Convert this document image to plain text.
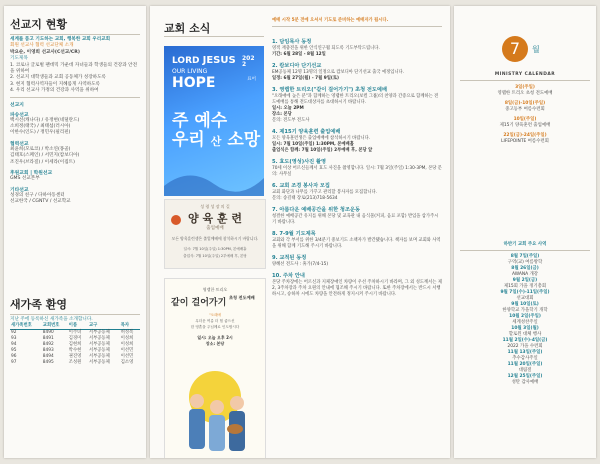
선교지 현황
세계를 품고 기도하는 교회, 행복한 교회 우리교회
회원 선교사 협력 선교단체 소개
박요순, 이영희 선교사(C선교/CR)
기도제목
1. 코로나 글로벌 팬데믹 가운데 자녀들과 학생들의 건강과 안전을 위하여
2. 선교지 대학생들과 교회 공동체가 성장하도록
3. 현지 협력사역자들이 지혜롭게 사역하도록
4. 우리 선교사 가정의 건강과 사역을 위하여
선교지
파송선교
백시선(캐나다) / 유정현(네덜란드)
소희정(태국) / 최태섭(러시아)
이한수(인도) / 정민우(필리핀)
협력선교
최윤희(모로코) / 박소연(몽골)
김태호(스페인) / 서민지(캄보디아)
조진우(브라질) / 이세라(이집트)
후원교회 | 학원선교
GMS 선교본부
기타선교
성경의 친구 / 다하아동센터
선교한국 / CGNTV / 선교학교
새가족 환영
지난 주에 등록하신 새가족을 소개합니다.
새가족번호	교회번호	이름	교구	목자
92	8490	이주녀	서부공동체	허성복
93	8491	김경미	서부공동체	이성희
94	8492	김현희	서부공동체	이성희
95	8493	박수현	서부공동체	이선민
96	8494	권진영	서부공동체	이선민
97	8495	조성원	서부공동체	김소영
교회 소식
LORD JESUS
OUR LIVING
HOPE
2022
표어
주 예수
우리 산 소망
성 령 성 장 의 길
양 육 훈 련
출업예배
모든 양육훈련생은 졸업예배에 참석하시기 바랍니다.
일시: 7월 10일(주일) 1:30PM, 본예배홀
출업식: 7월 10일(주일) 2부예배 후, 본당
영랩한 트리오
같이 걸어가기
초청 전도예배
"오래애
무더운 여름 더 힘 좋으신
한 영혼을 주님께로 인도합시다
일시: 오늘 오후 2시
장소: 본당
예배 시작 5분 전에 오셔서 기도로 준비하는 예배자가 됩시다.
1. 담임목사 동정
영적 재충전을 위한 안식연구월 되도록 기도부탁드립니다.
기간: 6월 28일 - 8월 12일
2. 캄보디아 단기선교
EM공동체 12명 13명의 일정으로 캄보디아 단기선교 출국 예정입니다.
일정: 6월 27일(월) - 7월 9일(토)
3. 영랩한 트리오("같이 걸어가기") 초청 전도예배
"오래애에 높은 분"과 함께하는 영랩한 트리오(보컬 그룹)의 찬양과 간증으로 함께하는 전도예배를 통해 전도대상자를 초대하시기 바랍니다.
일시: 오늘 2PM
장소: 본당
문의: 전도부 전도사
4. 제15기 양육훈련 출업예배
모든 양육훈련생은 출업예배에 참석하시기 바랍니다.
일시: 7월 10일(주일) 1:30PM, 본예배홀
출업식은 함께: 7월 10일(주일) 2부예배 후, 본당 앞
5. 효도(영성)사진 촬영
70세 이상 어르신들께서 효도 사진을 촬영합니다. 일시: 7월 3일(주일) 1:30-3PM, 본당 문의: 사무실
6. 교회 조경 봉사자 모집
교회 화단과 나무를 가꾸고 관리할 봉사자를 모집합니다.
문의: 송길태 장로(213)718-5634
7. 아름다운 예배공간을 위한 청조운동
청결한 예배공간 유지를 위해 본당 및 교육관 내 음식물(커피, 음료 포함) 반입을 삼가주시기 바랍니다.
8. 7-9월 기도제목
교회와 각 부서를 위한 3/4분기 중보기도 소책자가 발간됐습니다. 책자를 보며 교회와 사역을 위해 함께 기도해 주시기 바랍니다.
9. 교적된 동정
양혜선 전도사 : 휴가(7/4-15)
10. 주차 안내
본당 주차장에는 어르신과 지체장애인 차량이 우선 주차하시기 바라며, 그 외 성도께서는 제2, 3주차장과 주차 요원의 안내에 협조해 주시기 바랍니다. 또한 주차장에서는 반드시 서행하시고, 승하차 시에도 차량을 안전하게 정지시켜 주시기 바랍니다.
7	월
MINISTRY CALENDAR
3일(주일)
영랩한 트리오 초청 전도예배
8일(금)-10일(주일)
중고등부 여름수련회
10일(주일)
제15기 양육훈련 출업예배
22일(금)-24일(주일)
LIFEPOINTE 여름수련회
하반기 교회 주요 사역
8월 7일(주일)
구역(교) 여름방학
8월 26일(금)
AWANA 개강
9월 2일(금)
제15회 가을 정기총회
9월 7일(수)-11일(주일)
선교대회
9월 10일(토)
한양학교 가을학기 개학
10월 2일(주일)
세계성찬주일
10월 3일(월)
할로윈 대체 행사
11월 2일(수)-4일(금)
2022 가을 수련회
11월 13일(주일)
추수감사주일
11월 20일(주일)
대림절
12월 25일(주일)
성탄 감사예배
